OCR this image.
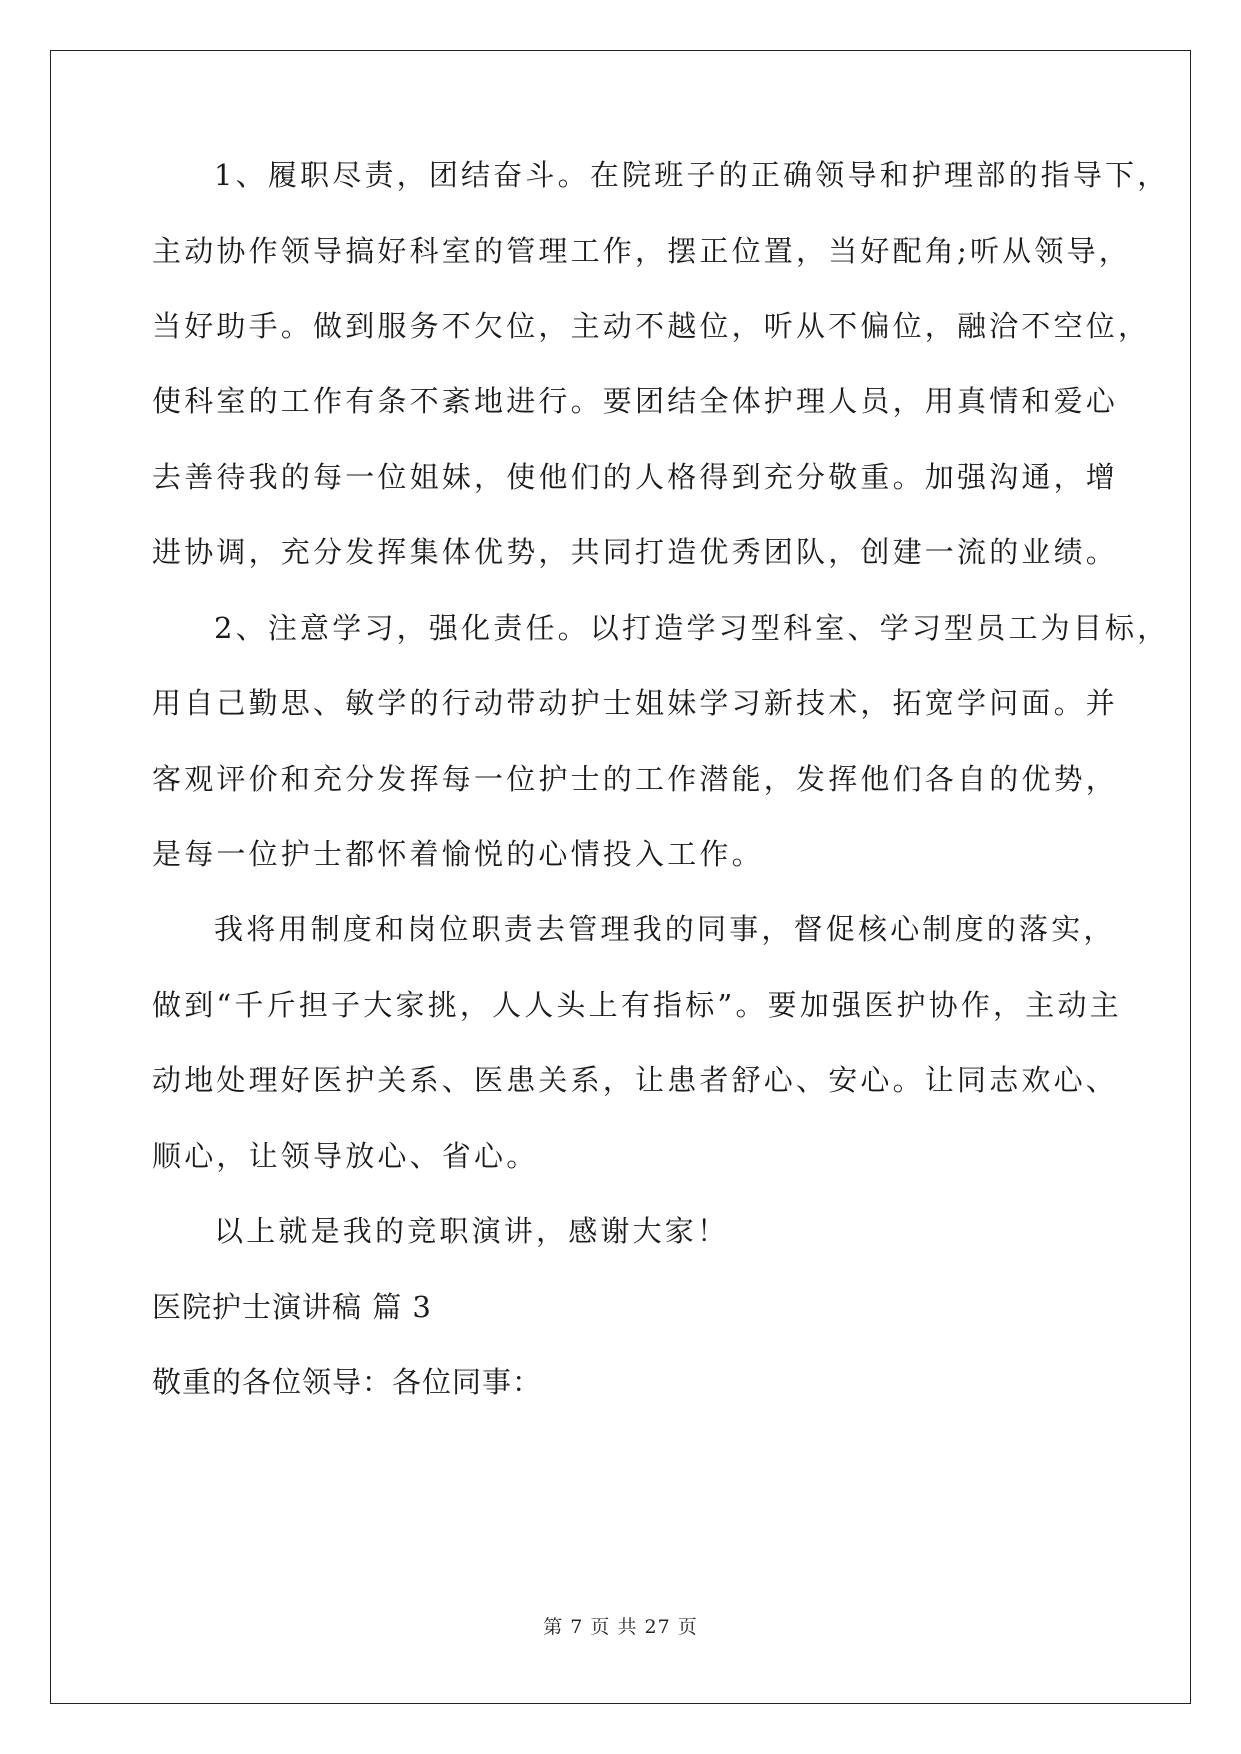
1、履职尽责，团结奋斗。在院班子的正确领导和护理部的指导下，
主动协作领导搞好科室的管理工作，摆正位置，当好配角;听从领导，
当好助手。做到服务不欠位，主动不越位，听从不偏位，融洽不空位，
使科室的工作有条不紊地进行。要团结全体护理人员，用真情和爱心
去善待我的每一位姐妹，使他们的人格得到充分敬重。加强沟通，增
进协调，充分发挥集体优势，共同打造优秀团队，创建一流的业绩。
2、注意学习，强化责任。以打造学习型科室、学习型员工为目标，
用自己勤思、敏学的行动带动护士姐妹学习新技术，拓宽学问面。并
客观评价和充分发挥每一位护士的工作潜能，发挥他们各自的优势，
是每一位护士都怀着愉悦的心情投入工作。
我将用制度和岗位职责去管理我的同事，督促核心制度的落实，
做到“千斤担子大家挑，人人头上有指标”。要加强医护协作，主动主
动地处理好医护关系、医患关系，让患者舒心、安心。让同志欢心、
顺心，让领导放心、省心。
以上就是我的竞职演讲，感谢大家！
医院护士演讲稿 篇 3
敬重的各位领导：各位同事：
第 7 页 共 27 页
